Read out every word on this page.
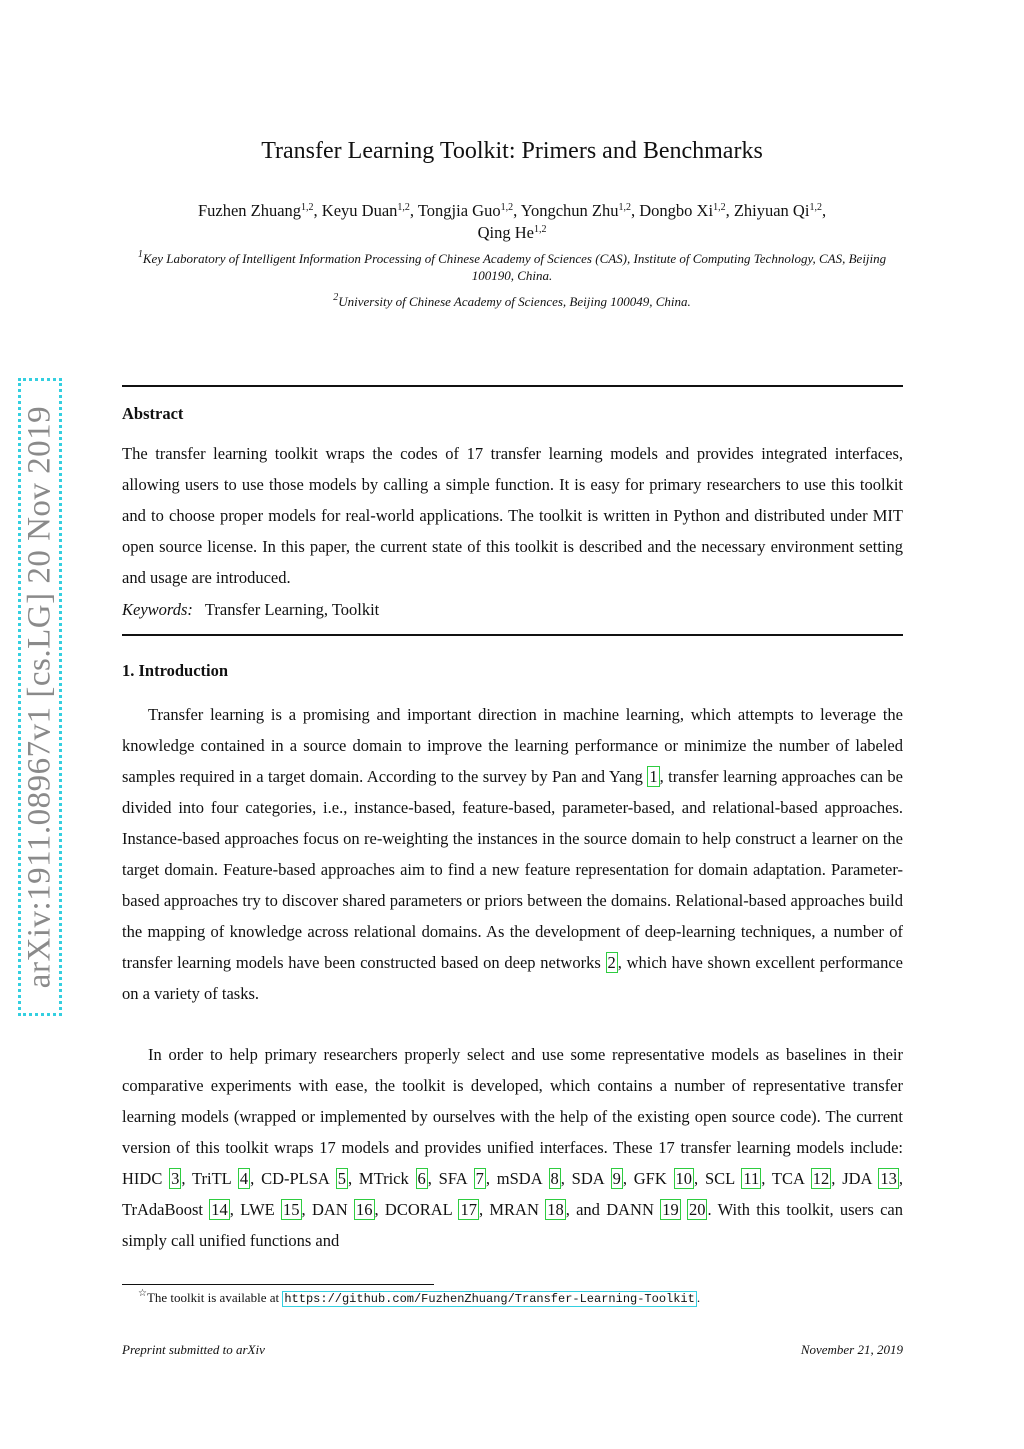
arXiv:1911.08967v1 [cs.LG] 20 Nov 2019
Transfer Learning Toolkit: Primers and Benchmarks
Fuzhen Zhuang$^{1,2}$, Keyu Duan$^{1,2}$, Tongjia Guo$^{1,2}$, Yongchun Zhu$^{1,2}$, Dongbo Xi$^{1,2}$, Zhiyuan Qi$^{1,2}$,
Qing He$^{1,2}$
$^1$Key Laboratory of Intelligent Information Processing of Chinese Academy of Sciences (CAS), Institute of Computing Technology, CAS, Beijing 100190, China.
$^2$University of Chinese Academy of Sciences, Beijing 100049, China.
Abstract

The transfer learning toolkit wraps the codes of 17 transfer learning models and provides integrated interfaces, allowing users to use those models by calling a simple function. It is easy for primary researchers to use this toolkit and to choose proper models for real-world applications. The toolkit is written in Python and distributed under MIT open source license. In this paper, the current state of this toolkit is described and the necessary environment setting and usage are introduced.

Keywords: Transfer Learning, Toolkit
1. Introduction

Transfer learning is a promising and important direction in machine learning, which attempts to leverage the knowledge contained in a source domain to improve the learning performance or minimize the number of labeled samples required in a target domain. According to the survey by Pan and Yang 1 , transfer learning approaches can be divided into four categories, i.e., instance-based, feature-based, parameter-based, and relational-based approaches. Instance-based approaches focus on re-weighting the instances in the source domain to help construct a learner on the target domain. Feature-based approaches aim to find a new feature representation for domain adaptation. Parameter-based approaches try to discover shared parameters or priors between the domains. Relational-based approaches build the mapping of knowledge across relational domains. As the development of deep-learning techniques, a number of transfer learning models have been constructed based on deep networks 2 , which have shown excellent performance on a variety of tasks.

In order to help primary researchers properly select and use some representative models as baselines in their comparative experiments with ease, the toolkit is developed, which contains a number of representative transfer learning models (wrapped or implemented by ourselves with the help of the existing open source code). The current version of this toolkit wraps 17 models and provides unified interfaces. These 17 transfer learning models include: HIDC 3 , TriTL 4 , CD-PLSA 5 , MTrick 6 , SFA 7 , mSDA 8 , SDA 9 , GFK 10 , SCL 11 , TCA 12 , JDA 13 , TrAdaBoost 14 , LWE 15 , DAN 16 , DCORAL 17 , MRAN 18 , and DANN 19 20 . With this toolkit, users can simply call unified functions and

☆The toolkit is available at https://github.com/FuzhenZhuang/Transfer-Learning-Toolkit .
Preprint submitted to arXiv	November 21, 2019
